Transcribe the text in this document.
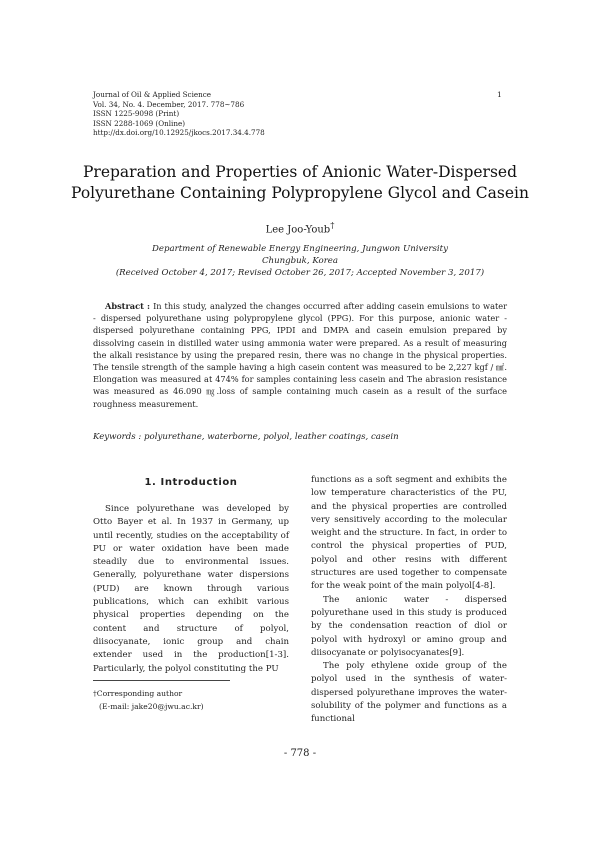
Journal of Oil & Applied Science
Vol. 34, No. 4. December, 2017. 778~786
ISSN 1225-9098 (Print)
ISSN 2288-1069 (Online)
http://dx.doi.org/10.12925/jkocs.2017.34.4.778
1
Preparation and Properties of Anionic Water-Dispersed
Polyurethane Containing Polypropylene Glycol and Casein
Lee Joo-Youb†
Department of Renewable Energy Engineering, Jungwon University
Chungbuk, Korea
(Received October 4, 2017; Revised October 26, 2017; Accepted November 3, 2017)
Abstract : In this study, analyzed the changes occurred after adding casein emulsions to water - dispersed polyurethane using polypropylene glycol (PPG). For this purpose, anionic water - dispersed polyurethane containing PPG, IPDI and DMPA and casein emulsion prepared by dissolving casein in distilled water using ammonia water were prepared. As a result of measuring the alkali resistance by using the prepared resin, there was no change in the physical properties. The tensile strength of the sample having a high casein content was measured to be 2,227 kgf / ㎟. Elongation was measured at 474% for samples containing less casein and The abrasion resistance was measured as 46.090 ㎎.loss of sample containing much casein as a result of the surface roughness measurement.
Keywords : polyurethane, waterborne, polyol, leather coatings, casein
1. Introduction

Since polyurethane was developed by Otto Bayer et al. In 1937 in Germany, up until recently, studies on the acceptability of PU or water oxidation have been made steadily due to environmental issues. Generally, polyurethane water dispersions (PUD) are known through various publications, which can exhibit various physical properties depending on the content and structure of polyol, diisocyanate, ionic group and chain extender used in the production[1-3]. Particularly, the polyol constituting the PU

functions as a soft segment and exhibits the low temperature characteristics of the PU, and the physical properties are controlled very sensitively according to the molecular weight and the structure. In fact, in order to control the physical properties of PUD, polyol and other resins with different structures are used together to compensate for the weak point of the main polyol[4-8].

The anionic water - dispersed polyurethane used in this study is produced by the condensation reaction of diol or polyol with hydroxyl or amino group and diisocyanate or polyisocyanates[9].

The poly ethylene oxide group of the polyol used in the synthesis of water-dispersed polyurethane improves the water-solubility of the polymer and functions as a functional

†Corresponding author
(E-mail: jake20@jwu.ac.kr)
- 778 -
